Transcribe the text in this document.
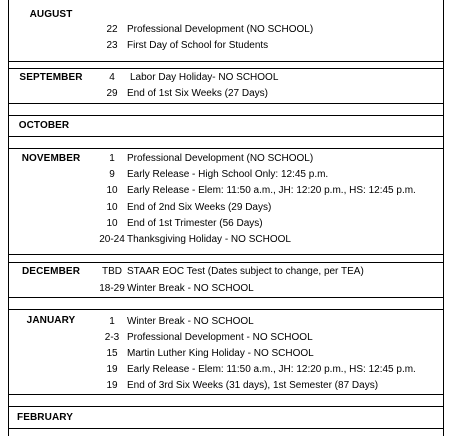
AUGUST
22 Professional Development (NO SCHOOL)
23 First Day of School for Students
SEPTEMBER	4	Labor Day Holiday- NO SCHOOL
29 End of 1st Six Weeks (27 Days)
OCTOBER
NOVEMBER	1	Professional Development (NO SCHOOL)
9	Early Release - High School Only: 12:45 p.m.
10 Early Release - Elem: 11:50 a.m., JH: 12:20 p.m., HS: 12:45 p.m.
10 End of 2nd Six Weeks (29 Days)
10 End of 1st Trimester (56 Days)
20-24 Thanksgiving Holiday - NO SCHOOL
DECEMBER	TBD STAAR EOC Test (Dates subject to change, per TEA)
18-29 Winter Break - NO SCHOOL
JANUARY	1	Winter Break - NO SCHOOL
2-3 Professional Development - NO SCHOOL
15 Martin Luther King Holiday - NO SCHOOL
19 Early Release - Elem: 11:50 a.m., JH: 12:20 p.m., HS: 12:45 p.m.
19 End of 3rd Six Weeks (31 days), 1st Semester (87 Days)
FEBRUARY
